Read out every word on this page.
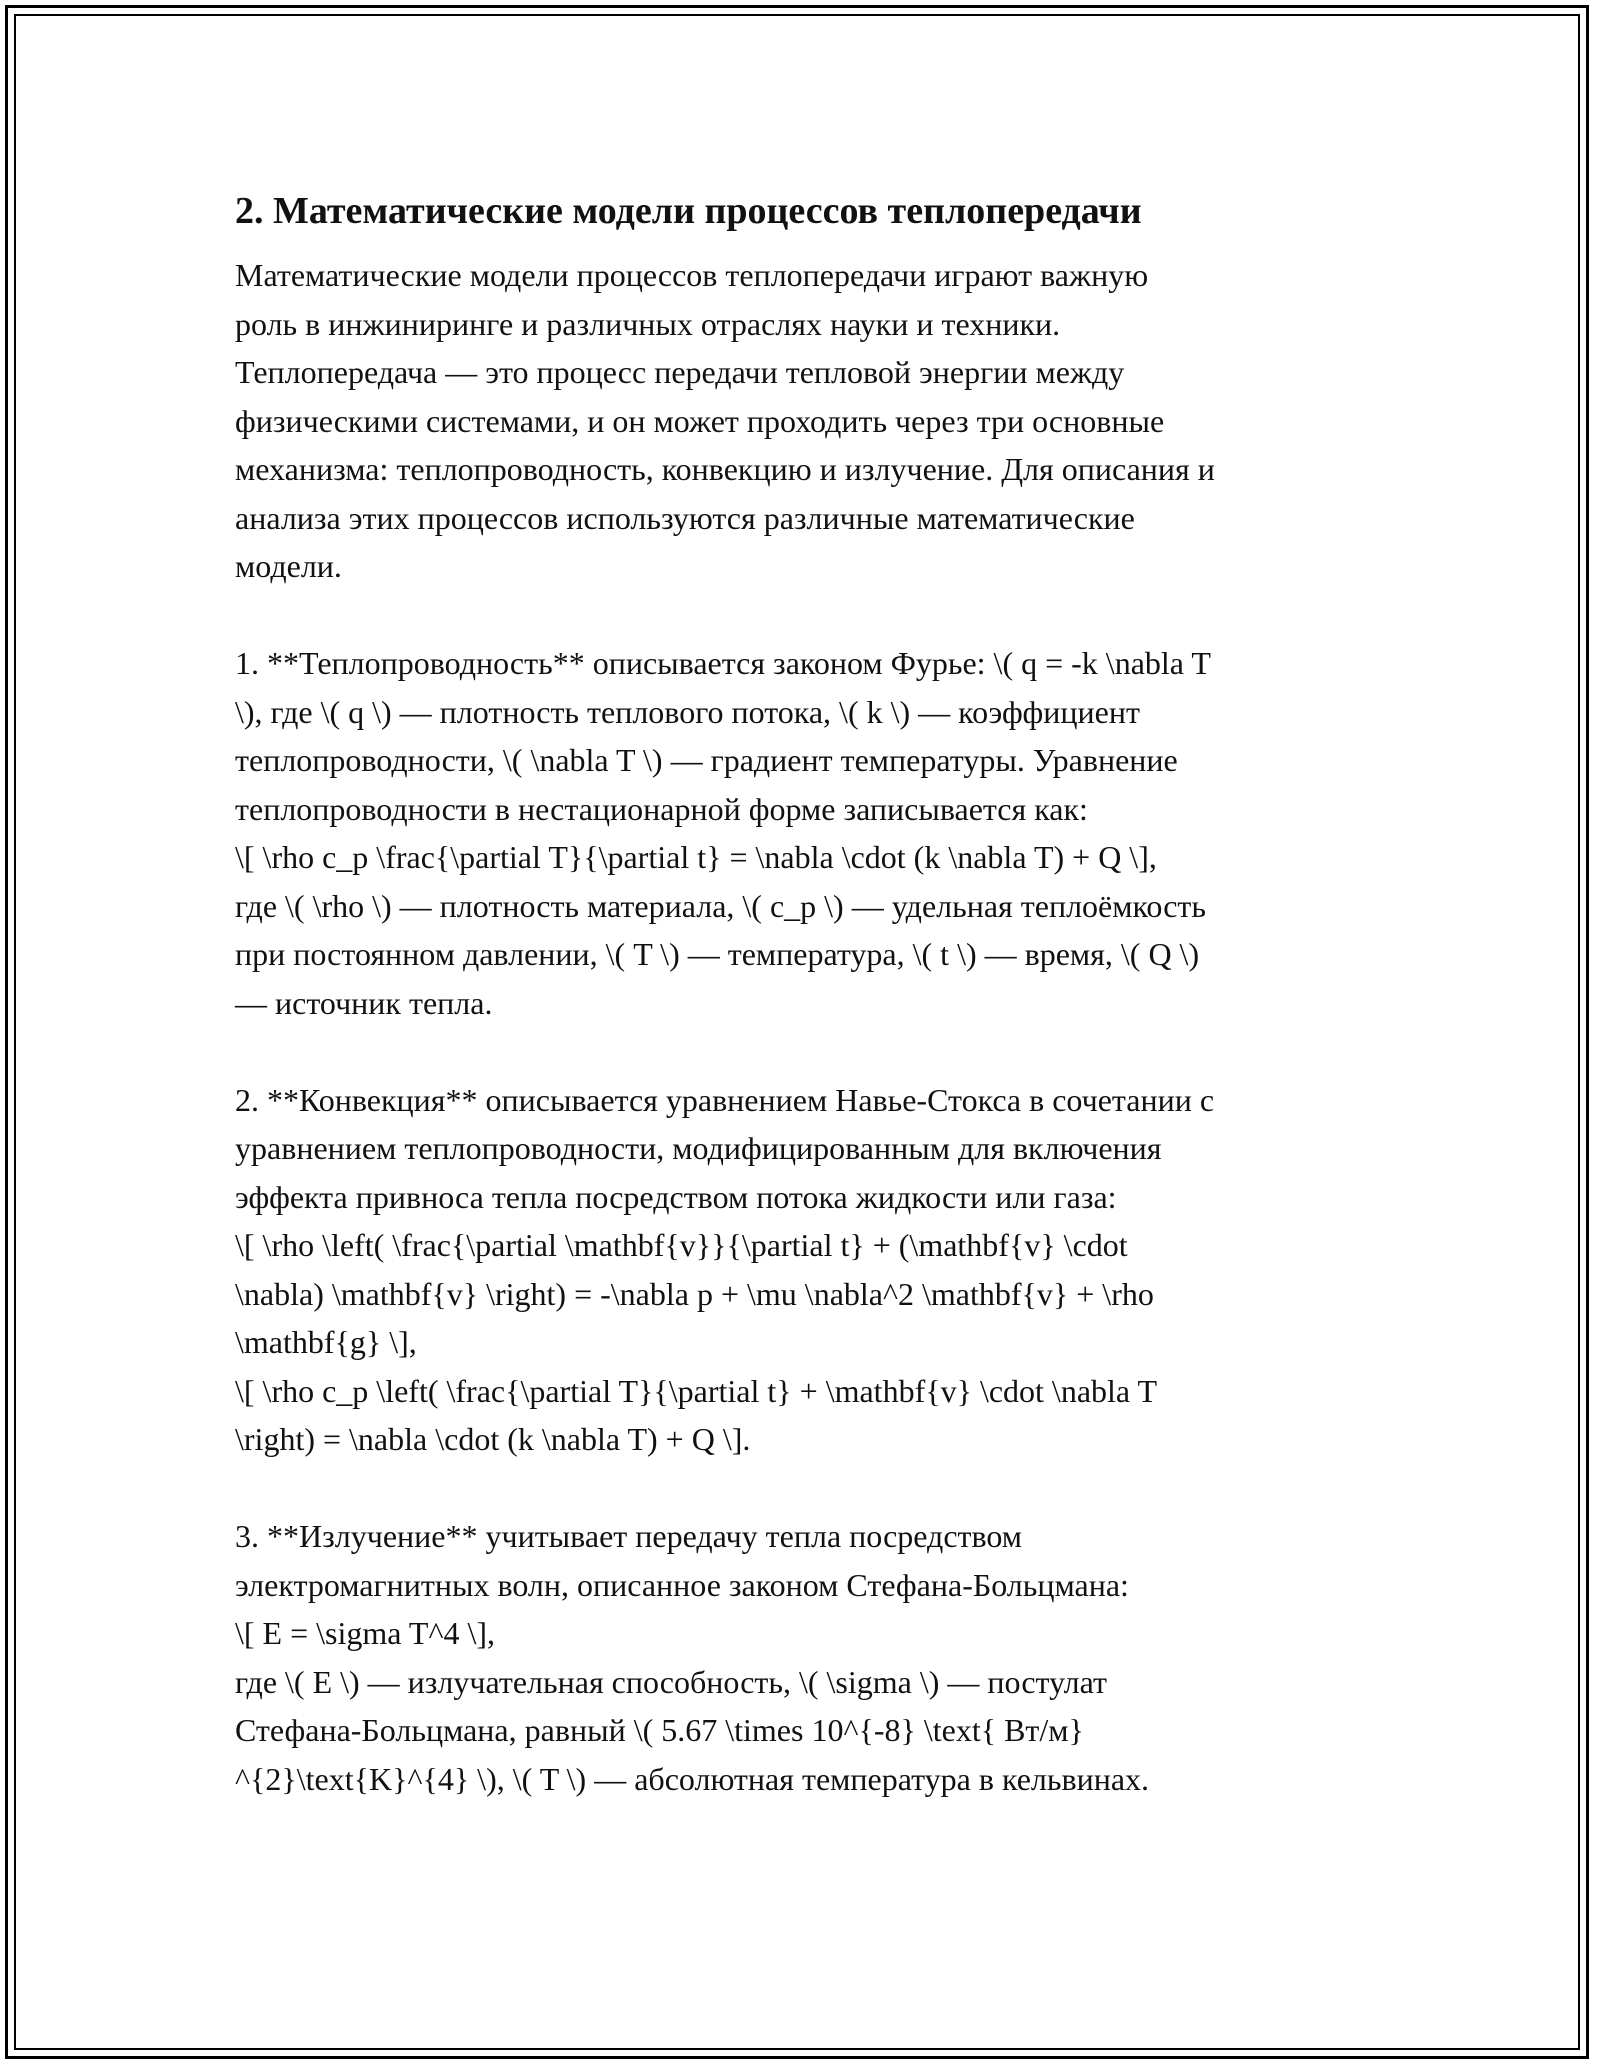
2. Математические модели процессов теплопередачи

Математические модели процессов теплопередачи играют важную
роль в инжиниринге и различных отраслях науки и техники.
Теплопередача — это процесс передачи тепловой энергии между
физическими системами, и он может проходить через три основные
механизма: теплопроводность, конвекцию и излучение. Для описания и
анализа этих процессов используются различные математические
модели.

1. **Теплопроводность** описывается законом Фурье: \( q = -k \nabla T
\), где \( q \) — плотность теплового потока, \( k \) — коэффициент
теплопроводности, \( \nabla T \) — градиент температуры. Уравнение
теплопроводности в нестационарной форме записывается как:
\[ \rho c_p \frac{\partial T}{\partial t} = \nabla \cdot (k \nabla T) + Q \],
где \( \rho \) — плотность материала, \( c_p \) — удельная теплоёмкость
при постоянном давлении, \( T \) — температура, \( t \) — время, \( Q \)
— источник тепла.

2. **Конвекция** описывается уравнением Навье-Стокса в сочетании с
уравнением теплопроводности, модифицированным для включения
эффекта привноса тепла посредством потока жидкости или газа:
\[ \rho \left( \frac{\partial \mathbf{v}}{\partial t} + (\mathbf{v} \cdot
\nabla) \mathbf{v} \right) = -\nabla p + \mu \nabla^2 \mathbf{v} + \rho
\mathbf{g} \],
\[ \rho c_p \left( \frac{\partial T}{\partial t} + \mathbf{v} \cdot \nabla T
\right) = \nabla \cdot (k \nabla T) + Q \].

3. **Излучение** учитывает передачу тепла посредством
электромагнитных волн, описанное законом Стефана-Больцмана:
\[ E = \sigma T^4 \],
где \( E \) — излучательная способность, \( \sigma \) — постулат
Стефана-Больцмана, равный \( 5.67 \times 10^{-8} \text{ Вт/м}
^{2}\text{K}^{4} \), \( T \) — абсолютная температура в кельвинах.
